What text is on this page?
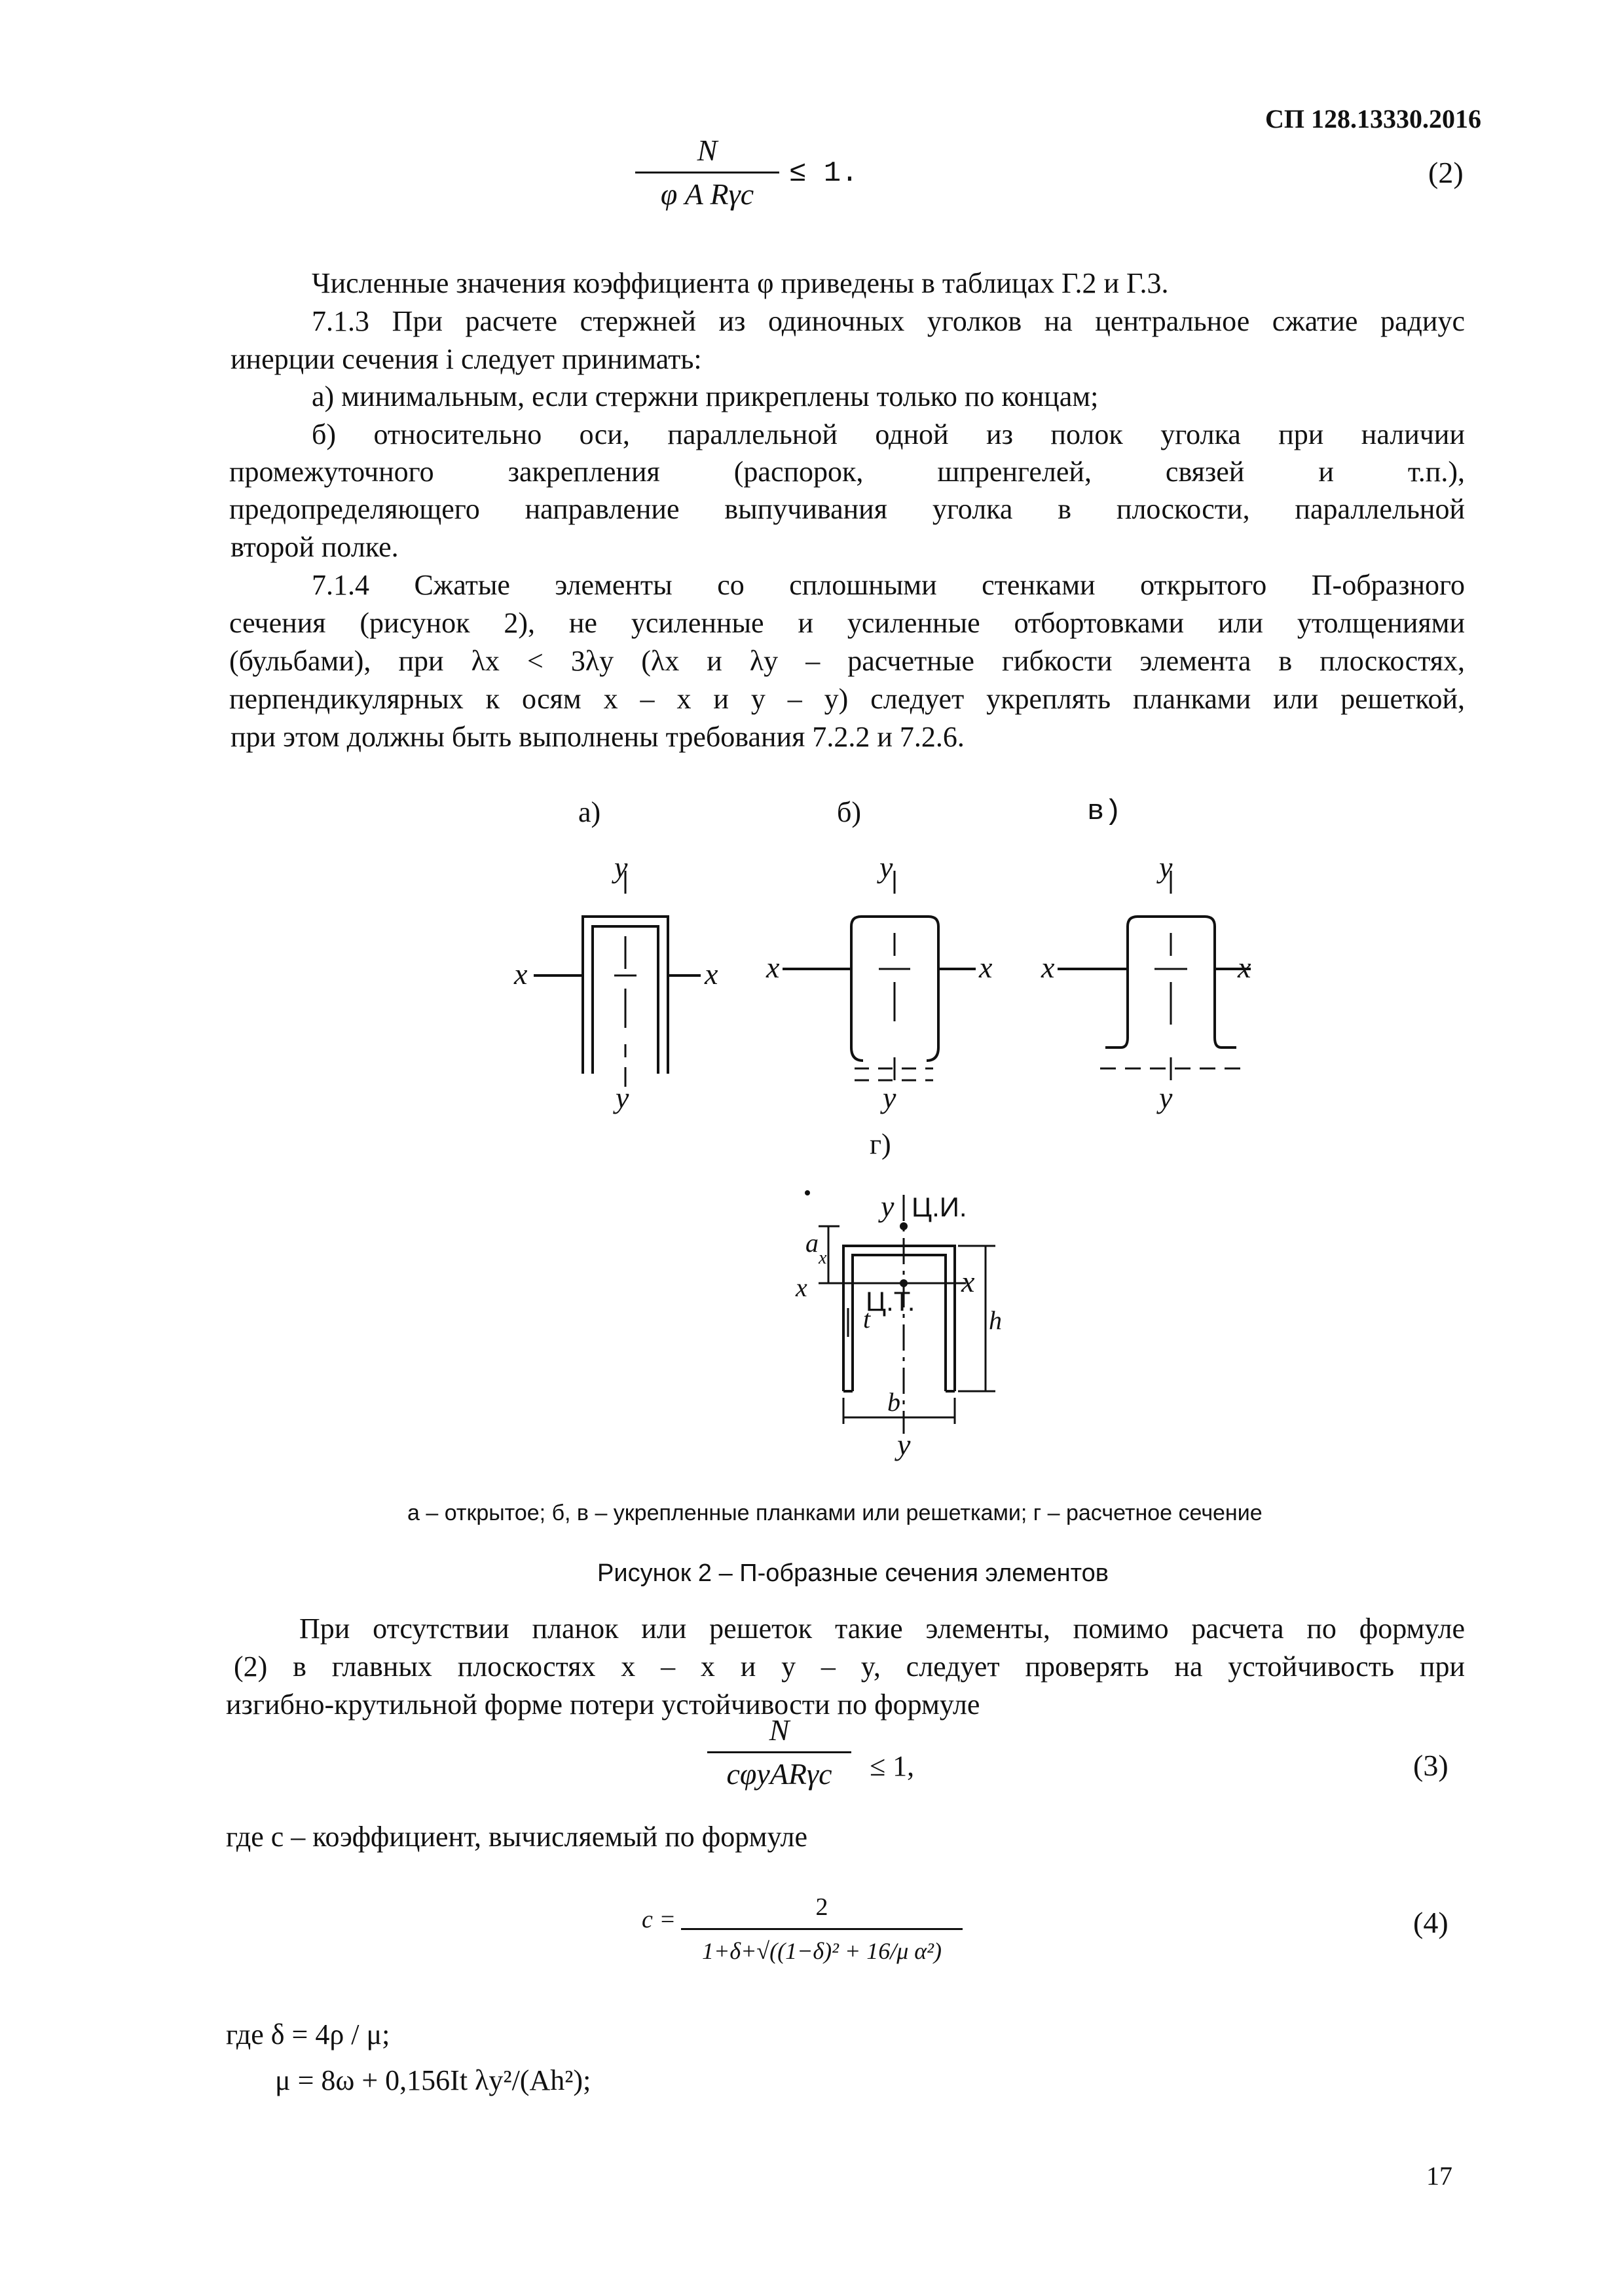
СП 128.13330.2016
N
φ A Rγc
≤ 1.	(2)
Численные значения коэффициента φ приведены в таблицах Г.2 и Г.3.
7.1.3 При расчете стержней из одиночных уголков на центральное сжатие радиус
инерции сечения i следует принимать:
а) минимальным, если стержни прикреплены только по концам;
б) относительно оси, параллельной одной из полок уголка при наличии
промежуточного закрепления (распорок, шпренгелей, связей и т.п.),
предопределяющего направление выпучивания уголка в плоскости, параллельной
второй полке.
7.1.4 Сжатые элементы со сплошными стенками открытого П-образного
сечения (рисунок 2), не усиленные и усиленные отбортовками или утолщениями
(бульбами), при λx < 3λy (λx и λy – расчетные гибкости элемента в плоскостях,
перпендикулярных к осям x – x и y – y) следует укреплять планками или решеткой,
при этом должны быть выполнены требования 7.2.2 и 7.2.6.
y
x	x
y
y
x	x
y
y
x	x
y
y
y
x
x
a
x
t	h
b
Ц.И.
Ц.Т.
а)	б)	в)
г)
а – открытое; б, в – укрепленные планками или решетками; г – расчетное сечение
Рисунок 2 – П-образные сечения элементов
При отсутствии планок или решеток такие элементы, помимо расчета по формуле
(2) в главных плоскостях x – x и y – y, следует проверять на устойчивость при
изгибно-крутильной форме потери устойчивости по формуле
N
cφyARγc	≤ 1,	(3)
где c – коэффициент, вычисляемый по формуле
c =	2
1+δ+√((1−δ)² + 16/μ α²)
(4)
где δ = 4ρ / μ;
μ = 8ω + 0,156It λy²/(Ah²);
17
